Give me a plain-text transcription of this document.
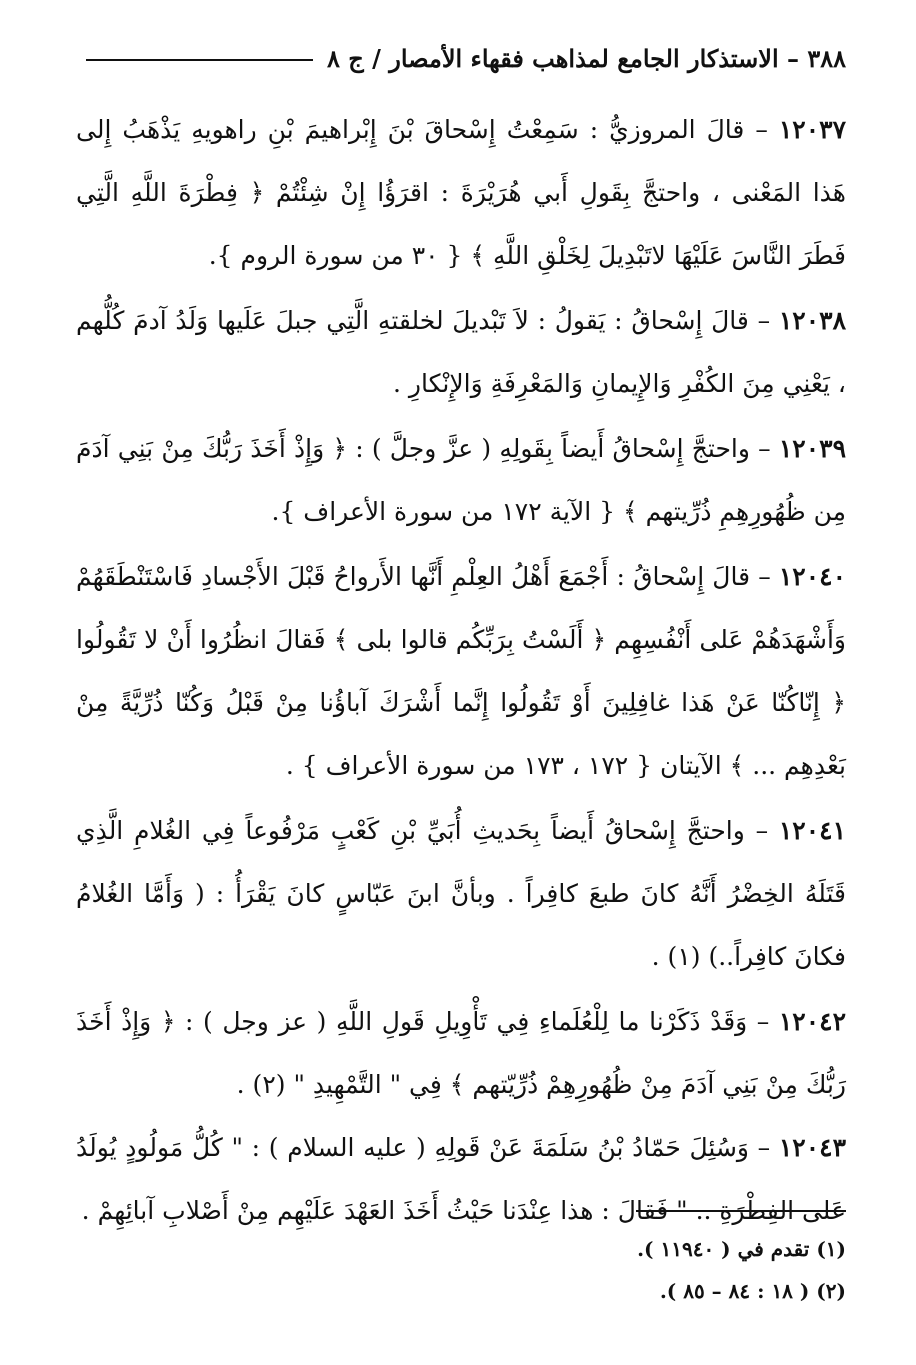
٣٨٨ – الاستذكار الجامع لمذاهب فقهاء الأمصار / ج ٨

١٢٠٣٧ – قالَ المروزيُّ : سَمِعْتُ إِسْحاقَ بْنَ إِبْراهيمَ بْنِ راهويهِ يَذْهَبُ إِلى هَذا المَعْنى ، واحتجَّ بِقَولِ أَبي هُرَيْرَةَ : اقرَؤُا إِنْ شِئْتُمْ ﴿ فِطْرَةَ اللَّهِ الَّتِي فَطَرَ النَّاسَ عَلَيْهَا لاتَبْدِيلَ لِخَلْقِ اللَّهِ ﴾ { ٣٠ من سورة الروم }.

١٢٠٣٨ – قالَ إِسْحاقُ : يَقولُ : لاَ تَبْديلَ لخلقتهِ الَّتِي جبلَ عَلَيها وَلَدُ آدمَ كُلُّهم ، يَعْنِي مِنَ الكُفْرِ وَالإِيمانِ وَالمَعْرِفَةِ وَالإِنْكارِ .

١٢٠٣٩ – واحتجَّ إِسْحاقُ أَيضاً بِقَولِهِ ( عزَّ وجلَّ ) : ﴿ وَإِذْ أَخَذَ رَبُّكَ مِنْ بَنِي آدَمَ مِن ظُهُورِهِمِ ذُرِّيتهم ﴾ { الآية ١٧٢ من سورة الأعراف }.

١٢٠٤٠ – قالَ إِسْحاقُ : أَجْمَعَ أَهْلُ العِلْمِ أَنَّها الأَرواحُ قَبْلَ الأَجْسادِ فَاسْتَنْطَقَهُمْ وَأَشْهَدَهُمْ عَلى أَنْفُسِهِم ﴿ أَلَسْتُ بِرَبِّكُم قالوا بلى ﴾ فَقالَ انظُرُوا أَنْ لا تَقُولُوا ﴿ إِنّاكُنّا عَنْ هَذا غافِلِينَ أَوْ تَقُولُوا إِنَّما أَشْرَكَ آباؤُنا مِنْ قَبْلُ وَكُنّا ذُرِّيَّةً مِنْ بَعْدِهِم ... ﴾ الآيتان { ١٧٢ ، ١٧٣ من سورة الأعراف } .

١٢٠٤١ – واحتجَّ إِسْحاقُ أَيضاً بِحَديثِ أُبَيِّ بْنِ كَعْبٍ مَرْفُوعاً فِي الغُلامِ الَّذِي قَتَلَهُ الخِضْرُ أَنَّهُ كانَ طبعَ كافِراً . وبأنَّ ابنَ عَبّاسٍ كانَ يَقْرَأُ : ( وَأَمَّا الغُلامُ فكانَ كافِراً..) (١) .

١٢٠٤٢ – وَقَدْ ذَكَرْنا ما لِلْعُلَماءِ فِي تَأْوِيلِ قَولِ اللَّهِ ( عز وجل ) : ﴿ وَإِذْ أَخَذَ رَبُّكَ مِنْ بَنِي آدَمَ مِنْ ظُهُورِهِمْ ذُرِّيّتهم ﴾ فِي " التَّمْهِيدِ " (٢) .

١٢٠٤٣ – وَسُئِلَ حَمّادُ بْنُ سَلَمَةَ عَنْ قَولِهِ ( عليه السلام ) : " كُلُّ مَولُودٍ يُولَدُ عَلى الفِطْرَةِ .. " فَقالَ : هذا عِنْدَنا حَيْثُ أَخَذَ العَهْدَ عَلَيْهِم مِنْ أَصْلابِ آبائِهِمْ .

(١) تقدم في ( ١١٩٤٠ ).

(٢) ( ١٨ : ٨٤ – ٨٥ ).
